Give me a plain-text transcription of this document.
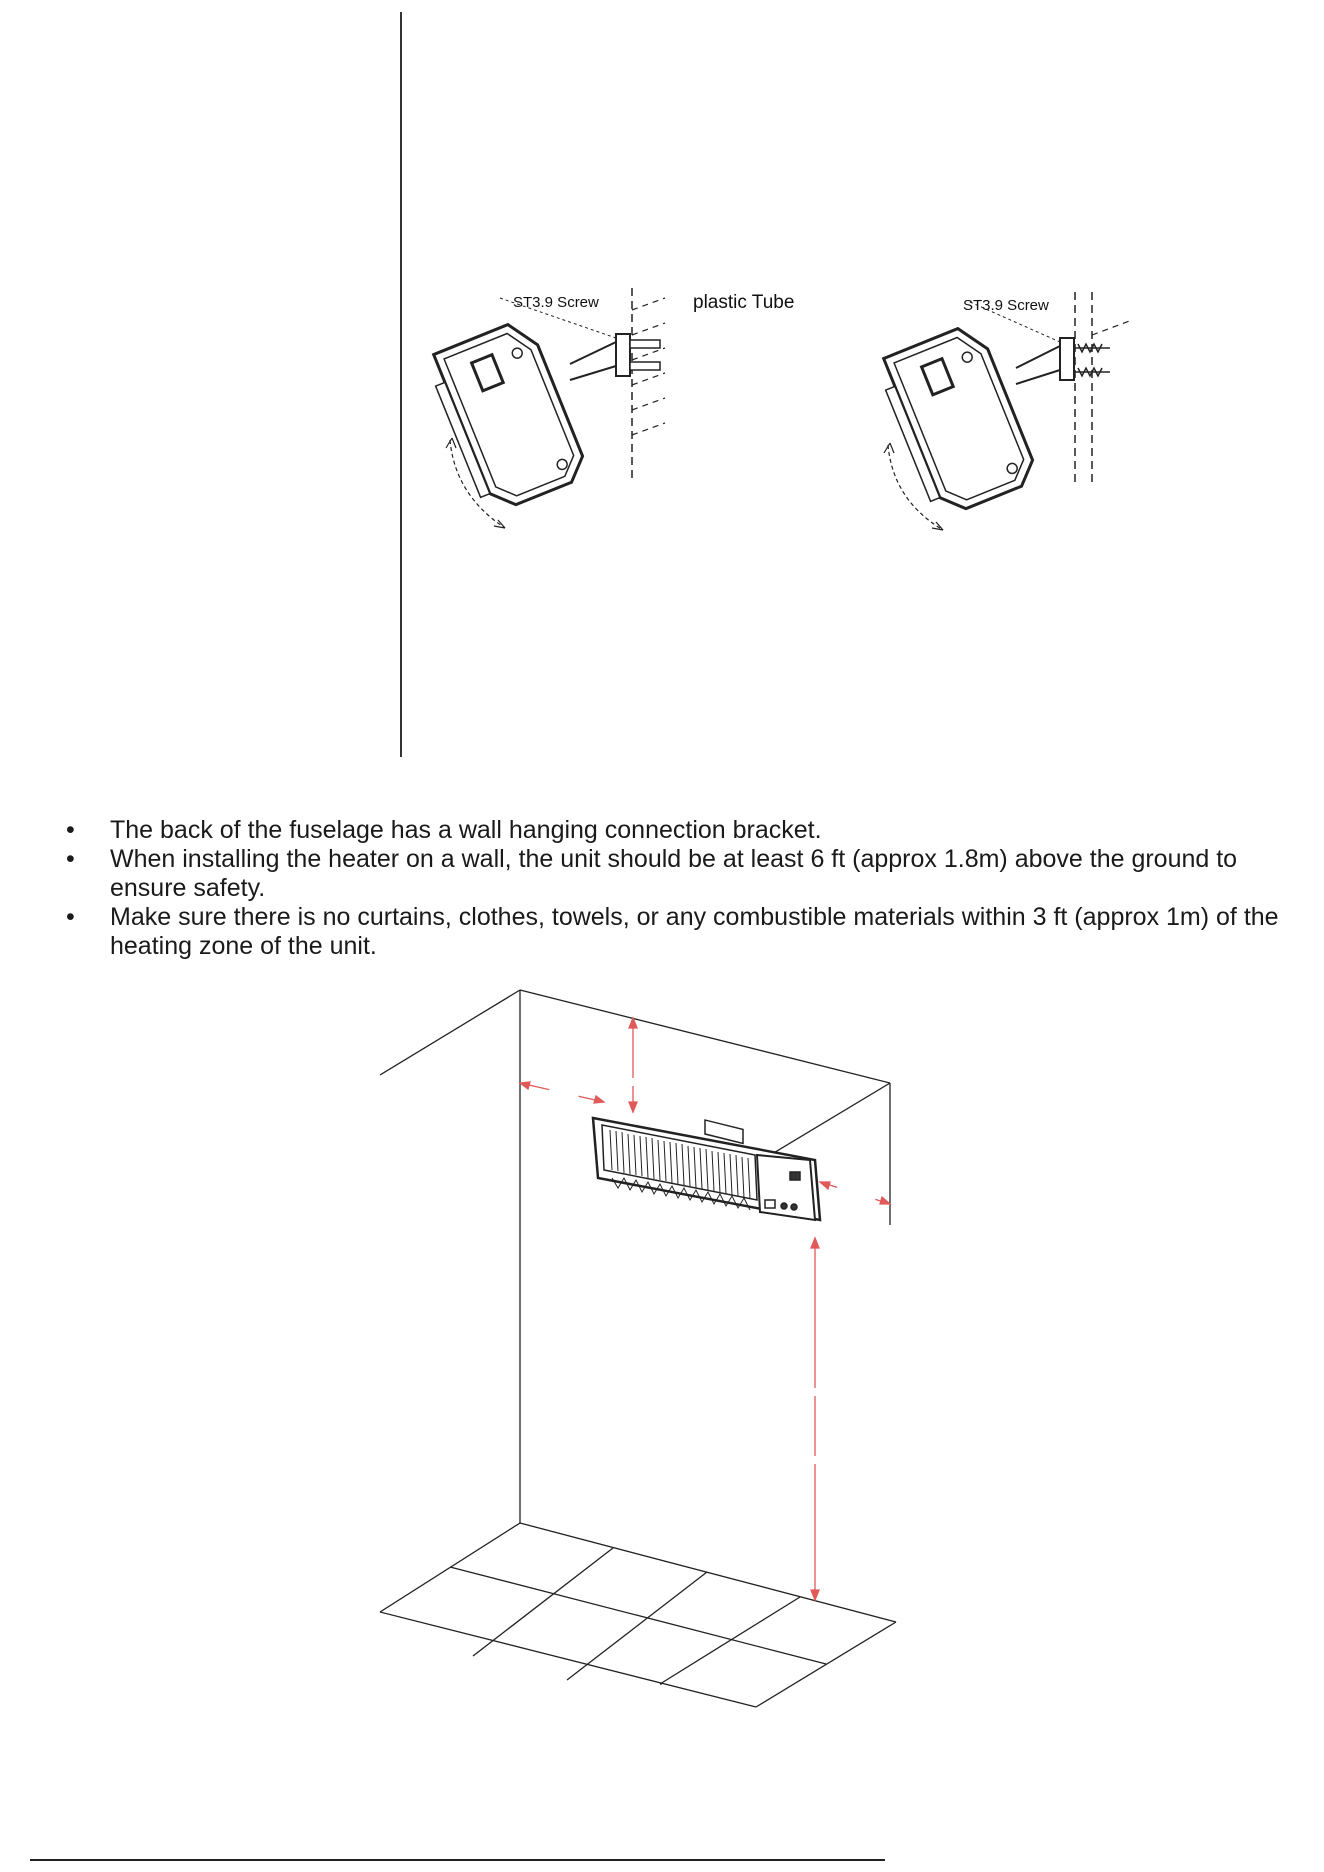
ST3.9 Screw	plastic Tube	ST3.9 Screw
• The back of the fuselage has a wall hanging connection bracket.
• When installing the heater on a wall, the unit should be at least 6 ft (approx 1.8m) above the ground to ensure safety.
• Make sure there is no curtains, clothes, towels, or any combustible materials within 3 ft (approx 1m) of the heating zone of the unit.
